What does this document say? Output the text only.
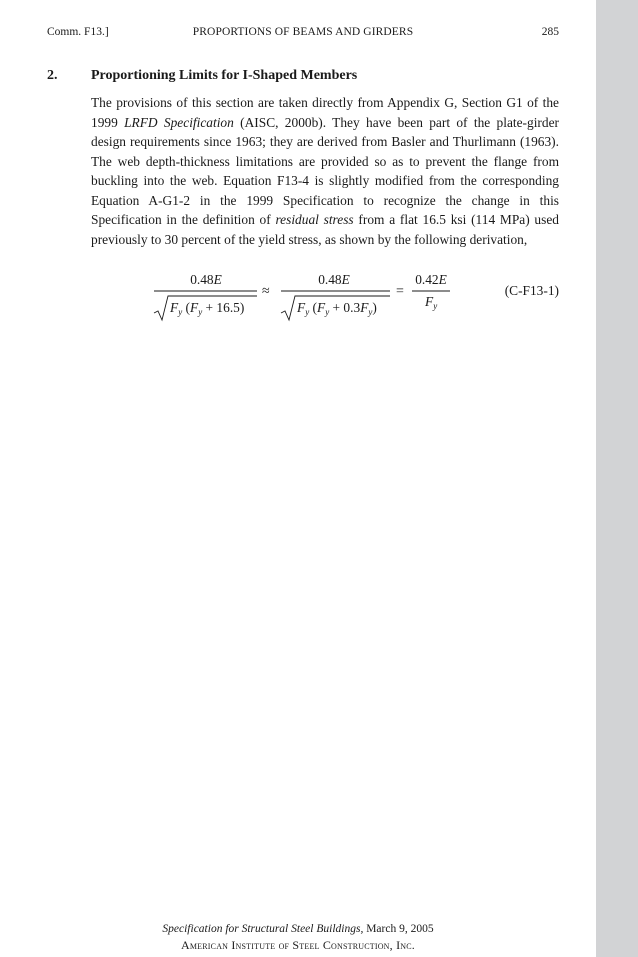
PROPORTIONS OF BEAMS AND GIRDERS
Comm. F13.]	285
2. Proportioning Limits for I-Shaped Members

The provisions of this section are taken directly from Appendix G, Section G1 of the 1999 LRFD Specification (AISC, 2000b). They have been part of the plate-girder design requirements since 1963; they are derived from Basler and Thurlimann (1963). The web depth-thickness limitations are provided so as to prevent the flange from buckling into the web. Equation F13-4 is slightly modified from the corresponding Equation A-G1-2 in the 1999 Specification to recognize the change in this Specification in the definition of residual stress from a flat 16.5 ksi (114 MPa) used previously to 30 percent of the yield stress, as shown by the following derivation,

0.48E
$F_y$ $(F_y + 16.5)$
≈
0.48E
$F_y$ $(F_y + 0.3F_y)$
=
0.42E
$F_y$
(C-F13-1)
Specification for Structural Steel Buildings, March 9, 2005
American Institute of Steel Construction, Inc.
